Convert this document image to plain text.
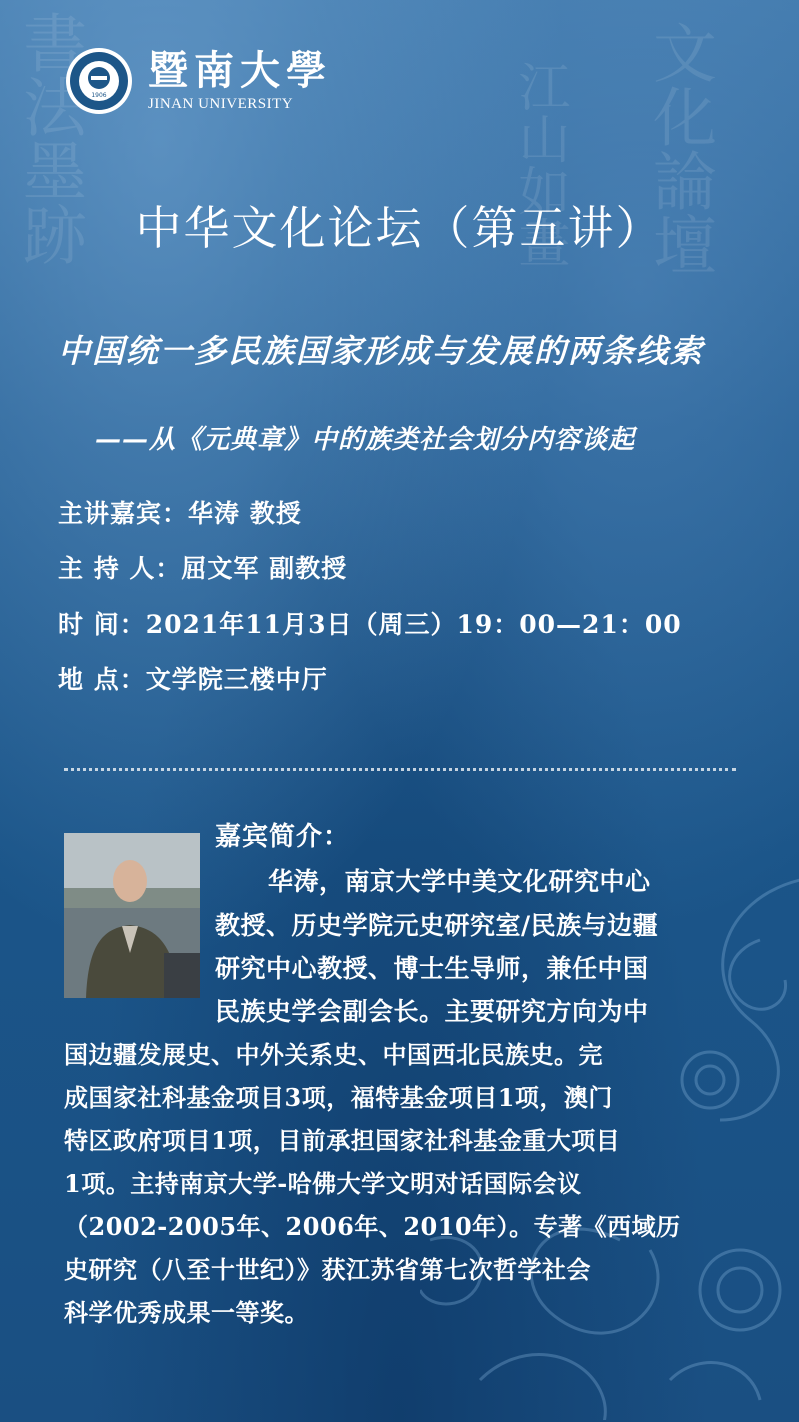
書法墨跡	文化論壇
江山如畫
1906
暨南大學
JINAN UNIVERSITY
中华文化论坛（第五讲）
中国统一多民族国家形成与发展的两条线索
——从《元典章》中的族类社会划分内容谈起
主讲嘉宾：华涛 教授
主 持 人：屈文军 副教授
时 间：2021年11月3日（周三）19：00—21：00
地 点：文学院三楼中厅
嘉宾简介：
华涛，南京大学中美文化研究中心
教授、历史学院元史研究室/民族与边疆
研究中心教授、博士生导师，兼任中国
民族史学会副会长。主要研究方向为中
国边疆发展史、中外关系史、中国西北民族史。完
成国家社科基金项目3项，福特基金项目1项，澳门
特区政府项目1项，目前承担国家社科基金重大项目
1项。主持南京大学-哈佛大学文明对话国际会议
（2002-2005年、2006年、2010年）。专著《西域历
史研究（八至十世纪）》获江苏省第七次哲学社会
科学优秀成果一等奖。
